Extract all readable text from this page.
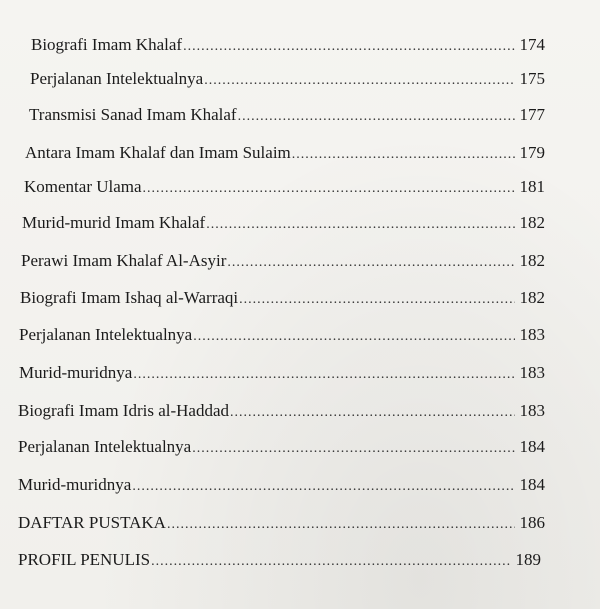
Biografi Imam Khalaf .....	174
Perjalanan Intelektualnya .....	175
Transmisi Sanad Imam Khalaf .....	177
Antara Imam Khalaf dan Imam Sulaim .....	179
Komentar Ulama .....	181
Murid-murid Imam Khalaf .....	182
Perawi Imam Khalaf Al-Asyir .....	182
Biografi Imam Ishaq al-Warraqi .....	182
Perjalanan Intelektualnya .....	183
Murid-muridnya .....	183
Biografi Imam Idris al-Haddad .....	183
Perjalanan Intelektualnya .....	184
Murid-muridnya .....	184
DAFTAR PUSTAKA .....	186
PROFIL PENULIS .....	189
